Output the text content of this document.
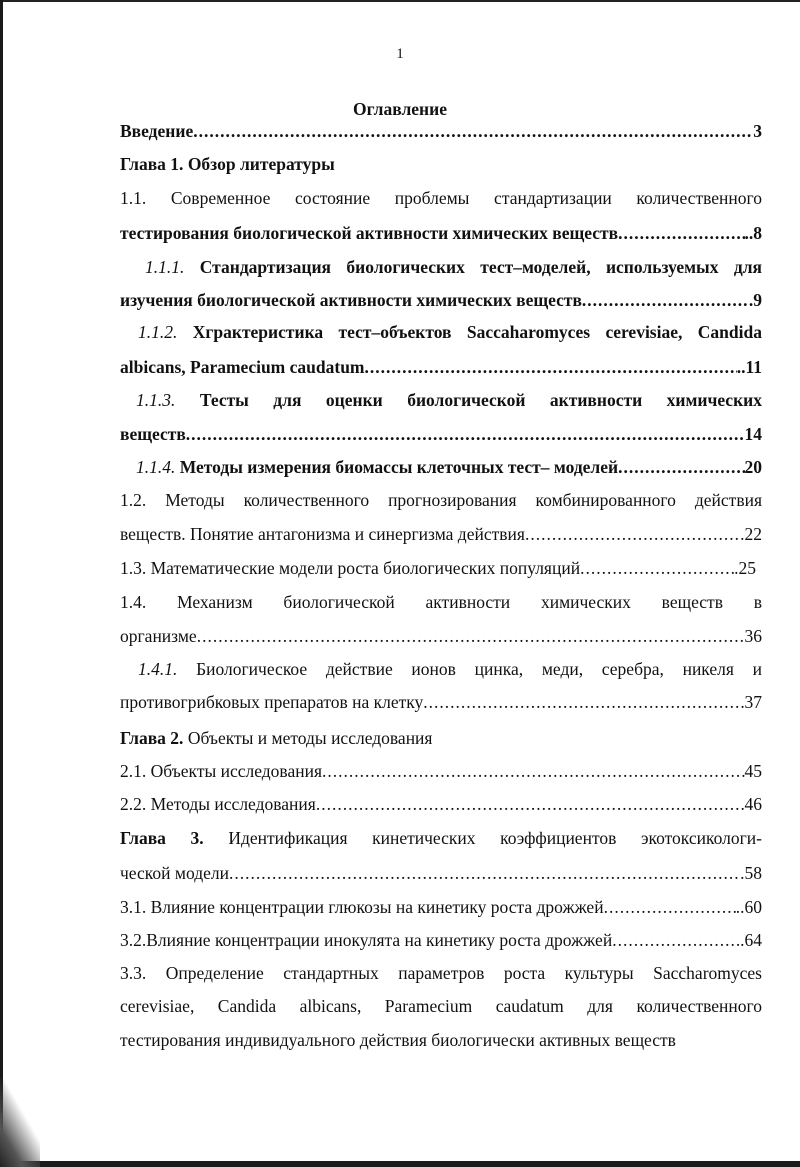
1
Оглавление
Введение .....	3
Глава 1. Обзор литературы
1.1. Современное состояние проблемы стандартизации количественного
тестирования биологической активности химических веществ .....	..8
1.1.1. Стандартизация биологических тест–моделей, используемых для
изучения биологической активности химических веществ .....	.9
1.1.2. Хграктеристика тест–объектов Saccaharomyces cerevisiae, Candida
albicans, Paramecium caudatum .....	..11
1.1.3. Тесты для оценки биологической активности химических
веществ .....	14
1.1.4. Методы измерения биомассы клеточных тест– моделей .....	20
1.2. Методы количественного прогнозирования комбинированного действия
веществ. Понятие антагонизма и синергизма действия .....	.22
1.3. Математические модели роста биологических популяций .....	.25
1.4. Механизм биологической активности химических веществ в
организме .....	36
1.4.1. Биологическое действие ионов цинка, меди, серебра, никеля и
противогрибковых препаратов на клетку .....	37
Глава 2. Объекты и методы исследования
2.1. Объекты исследования .....	45
2.2. Методы исследования .....	46
Глава 3. Идентификация кинетических коэффициентов экотоксикологи-
ческой модели .....	.58
3.1. Влияние концентрации глюкозы на кинетику роста дрожжей .....	..60
3.2.Влияние концентрации инокулята на кинетику роста дрожжей .....	.64
3.3. Определение стандартных параметров роста культуры Saccharomyces
cerevisiae, Candida albicans, Paramecium caudatum для количественного
тестирования индивидуального действия биологически активных веществ
